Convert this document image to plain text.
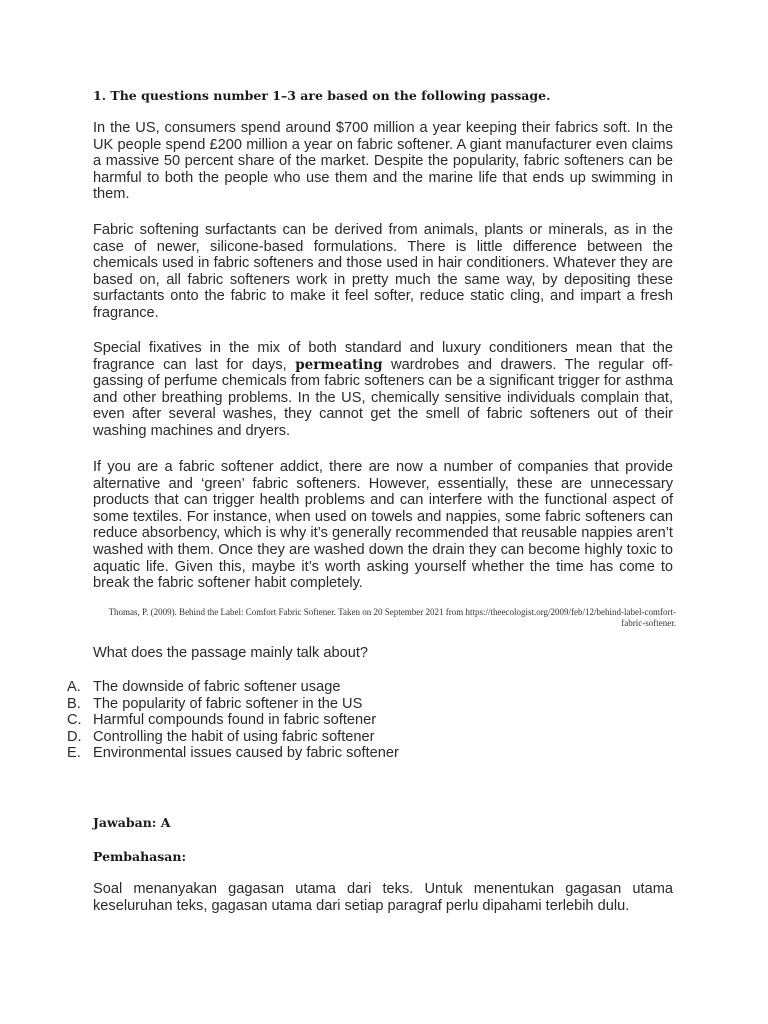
1. The questions number 1–3 are based on the following passage.

In the US, consumers spend around $700 million a year keeping their fabrics soft. In the UK people spend £200 million a year on fabric softener. A giant manufacturer even claims a massive 50 percent share of the market. Despite the popularity, fabric softeners can be harmful to both the people who use them and the marine life that ends up swimming in them.

Fabric softening surfactants can be derived from animals, plants or minerals, as in the case of newer, silicone-based formulations. There is little difference between the chemicals used in fabric softeners and those used in hair conditioners. Whatever they are based on, all fabric softeners work in pretty much the same way, by depositing these surfactants onto the fabric to make it feel softer, reduce static cling, and impart a fresh fragrance.

Special fixatives in the mix of both standard and luxury conditioners mean that the fragrance can last for days, permeating wardrobes and drawers. The regular off-gassing of perfume chemicals from fabric softeners can be a significant trigger for asthma and other breathing problems. In the US, chemically sensitive individuals complain that, even after several washes, they cannot get the smell of fabric softeners out of their washing machines and dryers.

If you are a fabric softener addict, there are now a number of companies that provide alternative and ‘green’ fabric softeners. However, essentially, these are unnecessary products that can trigger health problems and can interfere with the functional aspect of some textiles. For instance, when used on towels and nappies, some fabric softeners can reduce absorbency, which is why it’s generally recommended that reusable nappies aren’t washed with them. Once they are washed down the drain they can become highly toxic to aquatic life. Given this, maybe it’s worth asking yourself whether the time has come to break the fabric softener habit completely.

Thomas, P. (2009). Behind the Label: Comfort Fabric Softener. Taken on 20 September 2021 from https://theecologist.org/2009/feb/12/behind-label-comfort-fabric-softener.

What does the passage mainly talk about?

A. The downside of fabric softener usage
B. The popularity of fabric softener in the US
C. Harmful compounds found in fabric softener
D. Controlling the habit of using fabric softener
E. Environmental issues caused by fabric softener

Jawaban: A

Pembahasan:

Soal menanyakan gagasan utama dari teks. Untuk menentukan gagasan utama keseluruhan teks, gagasan utama dari setiap paragraf perlu dipahami terlebih dulu.
